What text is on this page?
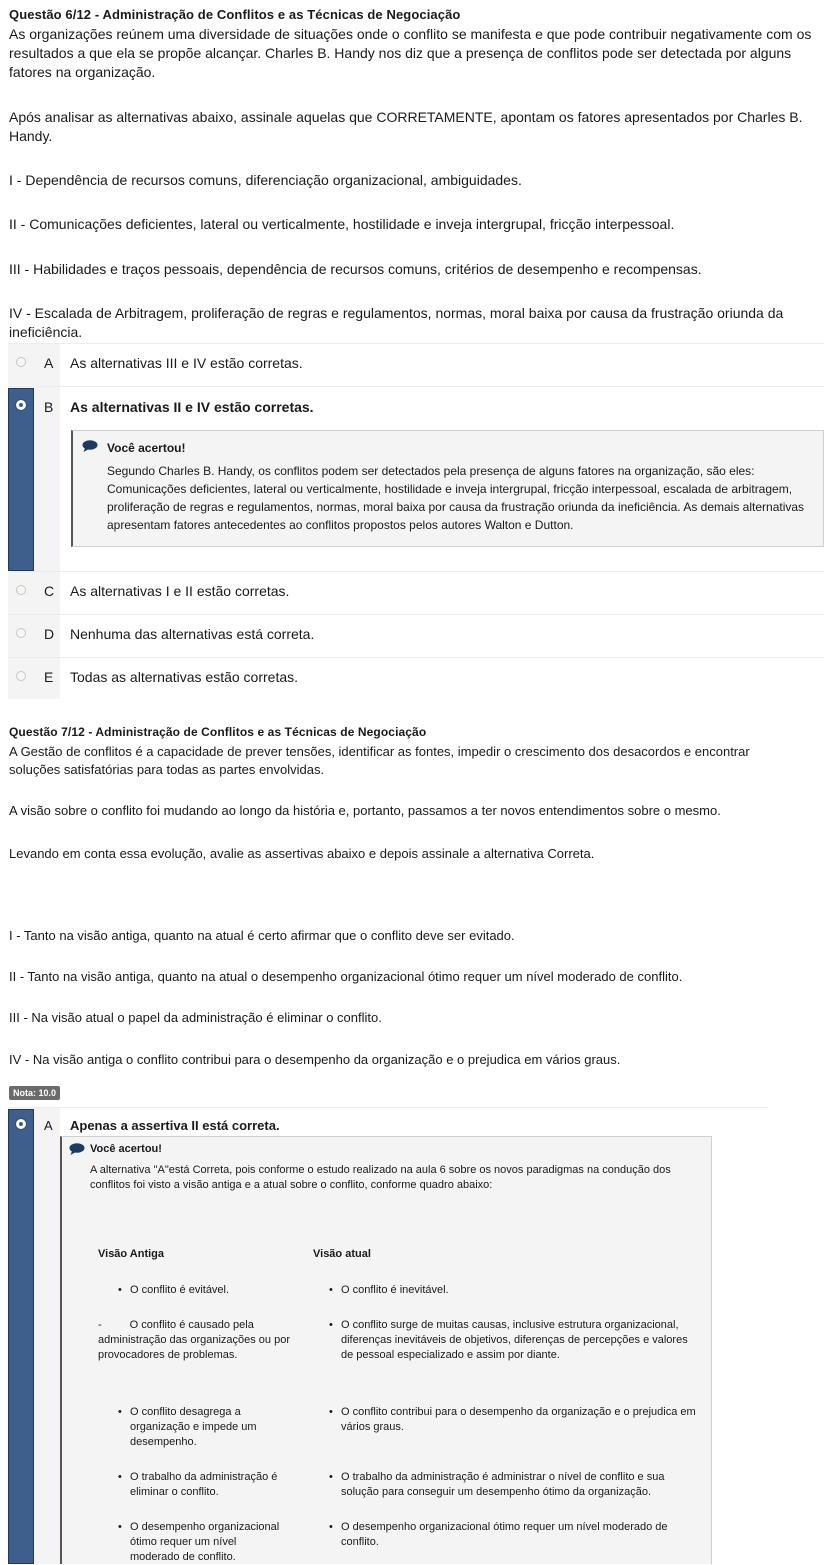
Questão 6/12 - Administração de Conflitos e as Técnicas de Negociação

As organizações reúnem uma diversidade de situações onde o conflito se manifesta e que pode contribuir negativamente com os resultados a que ela se propõe alcançar. Charles B. Handy nos diz que a presença de conflitos pode ser detectada por alguns fatores na organização.

Após analisar as alternativas abaixo, assinale aquelas que CORRETAMENTE, apontam os fatores apresentados por Charles B. Handy.

I - Dependência de recursos comuns, diferenciação organizacional, ambiguidades.

II - Comunicações deficientes, lateral ou verticalmente, hostilidade e inveja intergrupal, fricção interpessoal.

III - Habilidades e traços pessoais, dependência de recursos comuns, critérios de desempenho e recompensas.

IV - Escalada de Arbitragem, proliferação de regras e regulamentos, normas, moral baixa por causa da frustração oriunda da ineficiência.

A As alternativas III e IV estão corretas.
B As alternativas II e IV estão corretas.
Você acertou!

Segundo Charles B. Handy, os conflitos podem ser detectados pela presença de alguns fatores na organização, são eles: Comunicações deficientes, lateral ou verticalmente, hostilidade e inveja intergrupal, fricção interpessoal, escalada de arbitragem, proliferação de regras e regulamentos, normas, moral baixa por causa da frustração oriunda da ineficiência. As demais alternativas apresentam fatores antecedentes ao conflitos propostos pelos autores Walton e Dutton.

C As alternativas I e II estão corretas.
D Nenhuma das alternativas está correta.
E Todas as alternativas estão corretas.
Questão 7/12 - Administração de Conflitos e as Técnicas de Negociação

A Gestão de conflitos é a capacidade de prever tensões, identificar as fontes, impedir o crescimento dos desacordos e encontrar soluções satisfatórias para todas as partes envolvidas.

A visão sobre o conflito foi mudando ao longo da história e, portanto, passamos a ter novos entendimentos sobre o mesmo.

Levando em conta essa evolução, avalie as assertivas abaixo e depois assinale a alternativa Correta.

I - Tanto na visão antiga, quanto na atual é certo afirmar que o conflito deve ser evitado.

II - Tanto na visão antiga, quanto na atual o desempenho organizacional ótimo requer um nível moderado de conflito.

III - Na visão atual o papel da administração é eliminar o conflito.

IV - Na visão antiga o conflito contribui para o desempenho da organização e o prejudica em vários graus.

Nota: 10.0
A Apenas a assertiva II está correta.
Você acertou!

A alternativa "A"está Correta, pois conforme o estudo realizado na aula 6 sobre os novos paradigmas na condução dos conflitos foi visto a visão antiga e a atual sobre o conflito, conforme quadro abaixo:

Visão Antiga
• O conflito é evitável.
-	O conflito é causado pela administração das organizações ou por provocadores de problemas.
• O conflito desagrega a organização e impede um desempenho.
• O trabalho da administração é eliminar o conflito.
• O desempenho organizacional ótimo requer um nível moderado de conflito.
Visão atual
• O conflito é inevitável.
• O conflito surge de muitas causas, inclusive estrutura organizacional, diferenças inevitáveis de objetivos, diferenças de percepções e valores de pessoal especializado e assim por diante.
• O conflito contribui para o desempenho da organização e o prejudica em vários graus.
• O trabalho da administração é administrar o nível de conflito e sua solução para conseguir um desempenho ótimo da organização.
• O desempenho organizacional ótimo requer um nível moderado de conflito.
